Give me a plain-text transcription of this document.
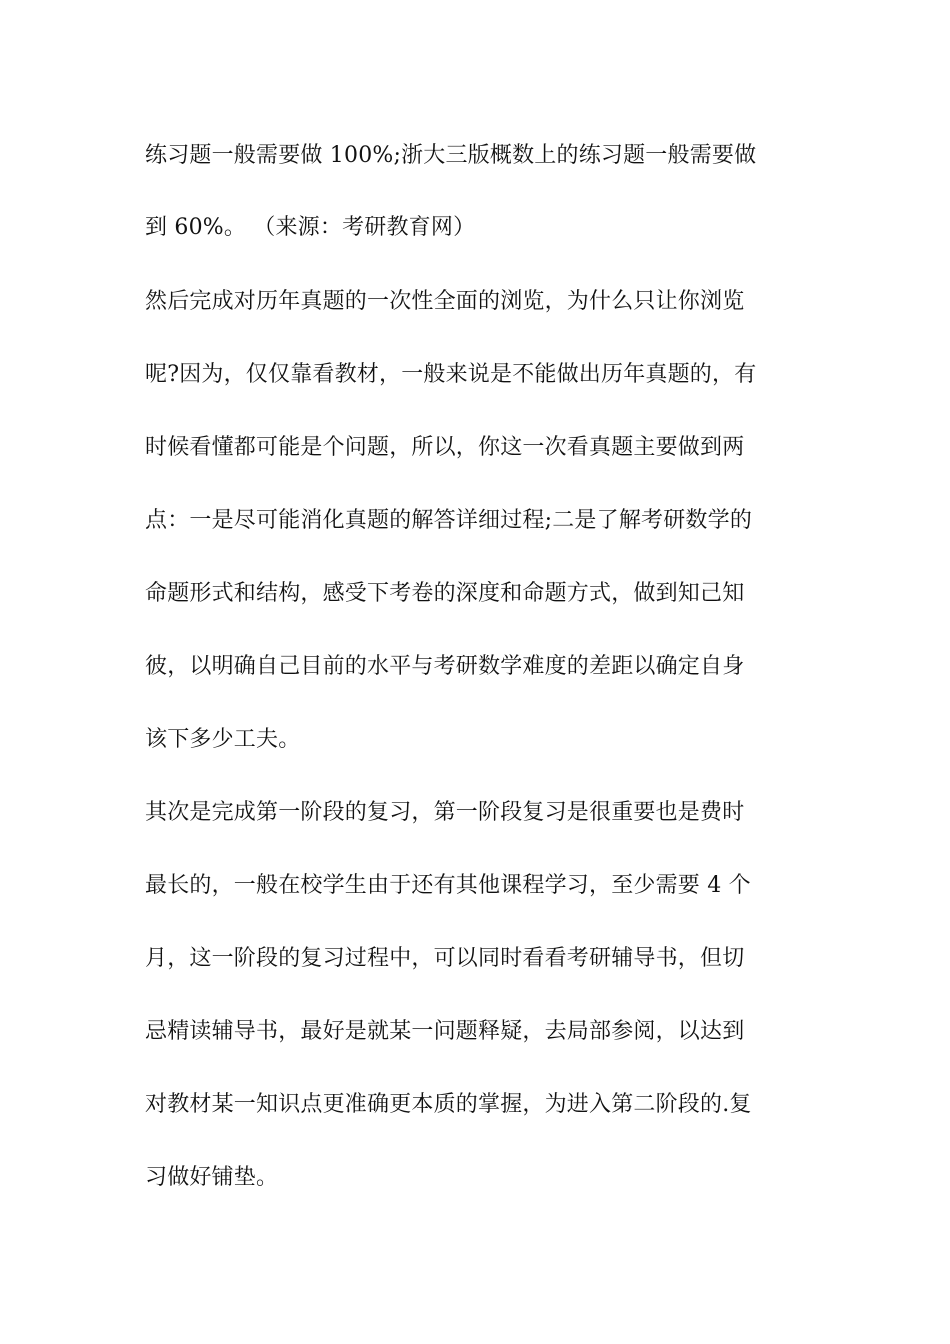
练习题一般需要做 100%;浙大三版概数上的练习题一般需要做
到 60%。 （来源：考研教育网）
然后完成对历年真题的一次性全面的浏览，为什么只让你浏览
呢?因为，仅仅靠看教材，一般来说是不能做出历年真题的，有
时候看懂都可能是个问题，所以，你这一次看真题主要做到两
点：一是尽可能消化真题的解答详细过程;二是了解考研数学的
命题形式和结构，感受下考卷的深度和命题方式，做到知己知
彼，以明确自己目前的水平与考研数学难度的差距以确定自身
该下多少工夫。
其次是完成第一阶段的复习，第一阶段复习是很重要也是费时
最长的，一般在校学生由于还有其他课程学习，至少需要 4 个
月，这一阶段的复习过程中，可以同时看看考研辅导书，但切
忌精读辅导书，最好是就某一问题释疑，去局部参阅，以达到
对教材某一知识点更准确更本质的掌握，为进入第二阶段的.复
习做好铺垫。
